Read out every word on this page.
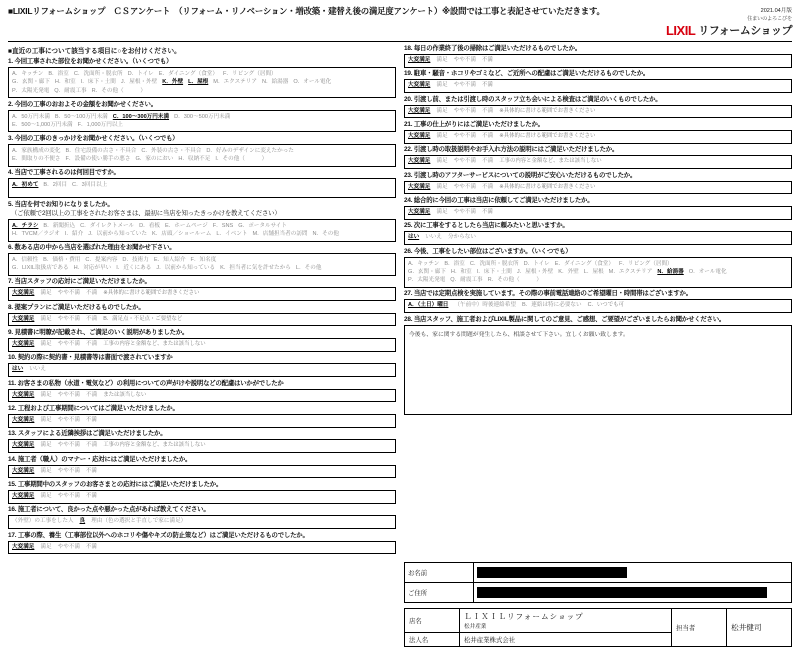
■LIXILリフォームショップ　ＣＳアンケート　（リフォーム・リノベーション・増改築・建替え後の満足度アンケート）※設問では工事と表記させていただきます。	2021.04月版
住まいのよろこびを
LIXIL リフォームショップ
■直近の工事について該当する項目に○をお付けください。
1. 今回工事された部位をお聞かせください。（いくつでも）
A．キッチン B．浴室 C．洗面所・脱衣所 D．トイレ E．ダイニング（食堂） F．リビング（居間）
G．玄関・廊下 H．和室 I．床下・土間 J．屋根・外壁 K．外壁 L．屋根 M．エクステリア N．給湯器 O．オール電化
P．太陽光発電 Q．耐震工事 R．その他（　　　）
2. 今回の工事のおおよその金額をお聞かせください。
A．50万円未満 B．50～100万円未満 C．100～300万円未満 D．300～500万円未満
E．500～1,000万円未満 F．1,000万円以上
3. 今回の工事のきっかけをお聞かせください。（いくつでも）
A．家族構成の変化 B．住宅設備の古さ・不具合 C．外装の古さ・不具合 D．好みのデザインに変えたかった
E．間取りの不便さ F．設備の使い勝手の悪さ G．家のにおい H．収納不足 I．その他（　　　）
4. 当店で工事されるのは何回目ですか。
A．初めて B．2回目 C．3回目以上
5. 当店を何でお知りになりましたか。
　（ご依頼で2回以上の工事をされたお客さまは、最初に当店を知ったきっかけを教えてください）
A．チラシ B．新聞折込 C．ダイレクトメール D．看板 E．ホームページ F．SNS G．ポータルサイト
H．TVCM／ラジオ I．紹介 J．以前から知っていた K．店頭／ショールーム L．イベント M．店舗担当者の訪問 N．その他
6. 数ある店の中から当店を選ばれた理由をお聞かせ下さい。
A．信頼性 B．価格・費用 C．提案内容 D．技術力 E．知人紹介 F．知名度
G．LIXIL取扱店である H．対応が早い I．近くにある J．以前から知っている K．担当者に気を許せたから L．その他
7. 当店スタッフの応対にご満足いただけましたか。
大変満足 満足 やや不満 不満 ※具体的に書ける範囲でお書きください
8. 提案プランにご満足いただけるものでしたか。
大変満足 満足 やや不満 不満 B．満足点・不足点・ご要望など
9. 見積書に明瞭が記載され、ご満足のいく説明がありましたか。
大変満足 満足 やや不満 不満 工事の内容と金額など、または該当しない
10. 契約の際に契約書・見積書等は書面で渡されていますか
はい いいえ
11. お客さまの私物（水道・電気など）の利用についての声がけや説明などの配慮はいかがでしたか
大変満足 満足 やや不満 不満 または該当しない
12. 工程および工事期間についてはご満足いただけましたか。
大変満足 満足 やや不満 不満
13. スタッフによる近隣挨拶はご満足いただけましたか。
大変満足 満足 やや不満 不満 工事の内容と金額など、または該当しない
14. 施工者（職人）のマナー・応対にはご満足いただけましたか。
大変満足 満足 やや不満 不満
15. 工事期間中のスタッフのお客さまとの応対にはご満足いただけましたか。
大変満足 満足 やや不満 不満
16. 施工者について、良かった点や悪かった点があれば教えてください。
（外壁）の工事をした人 良 理由（色の選択と手直しで家に満足）
17. 工事の際、養生（工事部位以外へのホコリや傷やキズの防止策など）はご満足いただけるものでしたか。
大変満足 満足 やや不満 不満
18. 毎日の作業終了後の掃除はご満足いただけるものでしたか。
大変満足 満足 やや不満 不満
19. 駐車・騒音・ホコリやゴミなど、ご近所への配慮はご満足いただけるものでしたか。
大変満足 満足 やや不満 不満
20. 引渡し前、または引渡し時のスタッフ立ち会いによる検査はご満足のいくものでしたか。
大変満足 満足 やや不満 不満 ※具体的に書ける範囲でお書きください
21. 工事の仕上がりにはご満足いただけましたか。
大変満足 満足 やや不満 不満 ※具体的に書ける範囲でお書きください
22. 引渡し時の取扱説明やお手入れ方法の説明にはご満足いただけましたか。
大変満足 満足 やや不満 不満 工事の内容と金額など、または該当しない
23. 引渡し時のアフターサービスについての説明がご安心いただけるものでしたか。
大変満足 満足 やや不満 不満 ※具体的に書ける範囲でお書きください
24. 総合的に今回の工事は当店に依頼してご満足いただけましたか。
大変満足 満足 やや不満 不満
25. 次に工事をするとしたら当店に頼みたいと思いますか。
はい いいえ 分からない
26. 今後、工事をしたい部位はございますか。（いくつでも）
A．キッチン B．浴室 C．洗面所・脱衣所 D．トイレ E．ダイニング（食堂） F．リビング（居間）
G．玄関・廊下 H．和室 I．床下・土間 J．屋根・外壁 K．外壁 L．屋根 M．エクステリア N．給湯器 O．オール電化
P．太陽光発電 Q．耐震工事 R．その他（　　　）
27. 当店では定期点検を実施しています。その際の事前電話連絡のご希望曜日・時間帯はございますか。
A．（土日）曜日 （午前中）時後連絡希望 B．連絡は特に必要ない C．いつでも可
28. 当店スタッフ、施工者およびLIXIL製品に関してのご意見、ご感想、ご要望がございましたらお聞かせください。
今後も、家に関する問題が発生したら、相談させて下さい。宜しくお願い致します。
お名前	

ご住所	
店名	ＬＩＸＩＬリフォームショップ
松井産業	担当者	松井健司
法人名	松井産業株式会社		
